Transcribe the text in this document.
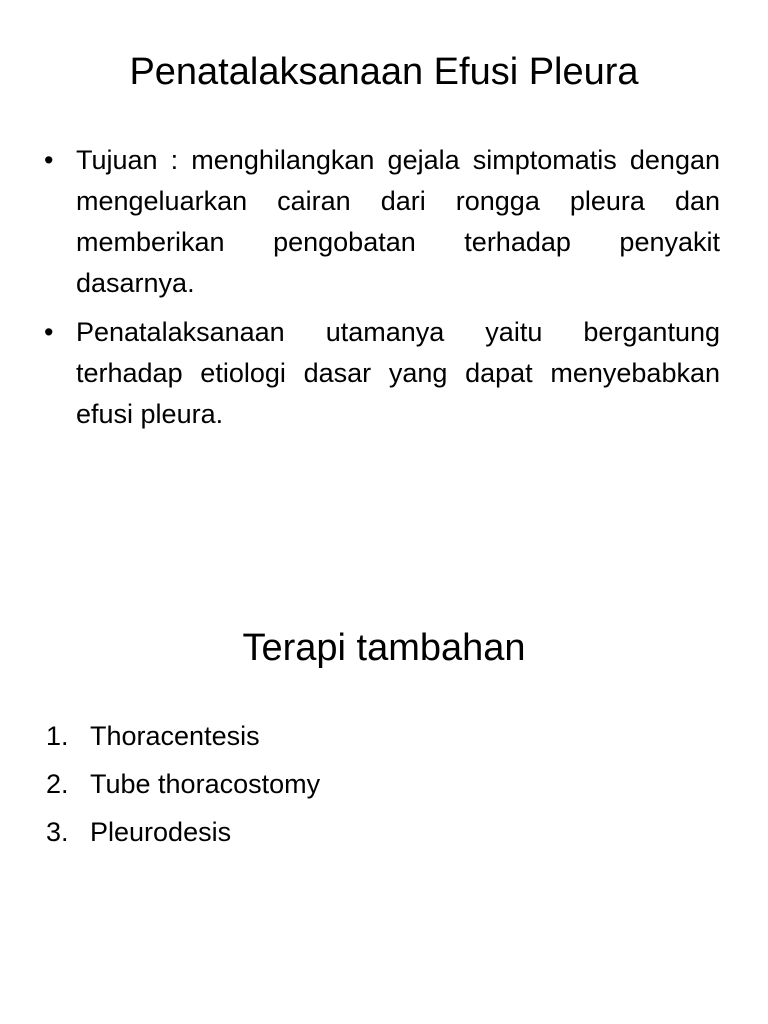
Penatalaksanaan Efusi Pleura
• Tujuan : menghilangkan gejala simptomatis dengan mengeluarkan cairan dari rongga pleura dan memberikan pengobatan terhadap penyakit dasarnya.
• Penatalaksanaan utamanya yaitu bergantung terhadap etiologi dasar yang dapat menyebabkan efusi pleura.
Terapi tambahan
1. Thoracentesis
2. Tube thoracostomy
3. Pleurodesis
